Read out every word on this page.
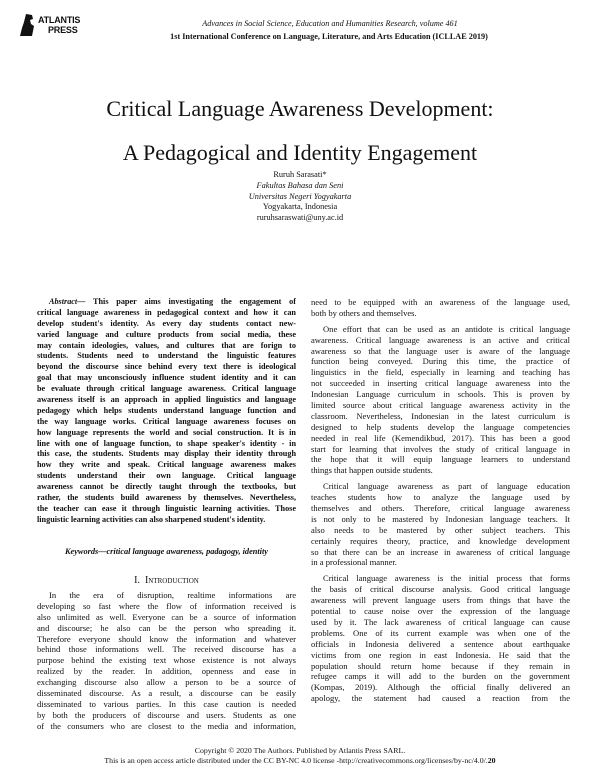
ATLANTIS
PRESS
Advances in Social Science, Education and Humanities Research, volume 461
1st International Conference on Language, Literature, and Arts Education (ICLLAE 2019)
Critical Language Awareness Development:
A Pedagogical and Identity Engagement
Ruruh Sarasati*
Fakultas Bahasa dan Seni
Universitas Negeri Yogyakarta
Yogyakarta, Indonesia
ruruhsaraswati@uny.ac.id
Abstract— This paper aims investigating the engagement of
critical language awareness in pedagogical context and how it can
develop student's identity. As every day students contact new-
varied language and culture products from social media, these
may contain ideologies, values, and cultures that are forign to
students. Students need to understand the linguistic features
beyond the discourse since behind every text there is ideological
goal that may unconsciously influence student identity and it can
be evaluate through critical language awareness. Critical language
awareness itself is an approach in applied linguistics and language
pedagogy which helps students understand language function and
the way language works. Critical language awareness focuses on
how language represents the world and social construction. It is in
line with one of language function, to shape speaker's identity - in
this case, the students. Students may display their identity through
how they write and speak. Critical language awareness makes
students understand their own language. Critical language
awareness cannot be directly taught through the textbooks, but
rather, the students build awareness by themselves. Nevertheless,
the teacher can ease it through linguistic learning activities. Those
linguistic learning activities can also sharpened student's identity.
Keywords—critical language awareness, padagogy, identity
I. Introduction
In the era of disruption, realtime informations are
developing so fast where the flow of information received is
also unlimited as well. Everyone can be a source of information
and discourse; he also can be the person who spreading it.
Therefore everyone should know the information and whatever
behind those informations well. The received discourse has a
purpose behind the existing text whose existence is not always
realized by the reader. In addition, openness and ease in
exchanging discourse also allow a person to be a source of
disseminated discourse. As a result, a discourse can be easily
disseminated to various parties. In this case caution is needed
by both the producers of discourse and users. Students as one
of the consumers who are closest to the media and information,
need to be equipped with an awareness of the language used,
both by others and themselves.
One effort that can be used as an antidote is critical language
awareness. Critical language awareness is an active and critical
awareness so that the language user is aware of the language
function being conveyed. During this time, the practice of
linguistics in the field, especially in learning and teaching has
not succeeded in inserting critical language awareness into the
Indonesian Language curriculum in schools. This is proven by
limited source about critical language awareness activity in the
classroom. Nevertheless, Indonesian in the latest curriculum is
designed to help students develop the language competencies
needed in real life (Kemendikbud, 2017). This has been a good
start for learning that involves the study of critical language in
the hope that it will equip language learners to understand
things that happen outside students.
Critical language awareness as part of language education
teaches students how to analyze the language used by
themselves and others. Therefore, critical language awareness
is not only to be mastered by Indonesian language teachers. It
also needs to be mastered by other subject teachers. This
certainly requires theory, practice, and knowledge development
so that there can be an increase in awareness of critical language
in a professional manner.
Critical language awareness is the initial process that forms
the basis of critical discourse analysis. Good critical language
awareness will prevent language users from things that have the
potential to cause noise over the expression of the language
used by it. The lack awareness of critical language can cause
problems. One of its current example was when one of the
officials in Indonesia delivered a sentence about earthquake
victims from one region in east Indonesia. He said that the
population should return home because if they remain in
refugee camps it will add to the burden on the government
(Kompas, 2019). Although the official finally delivered an
apology, the statement had caused a reaction from the
Copyright © 2020 The Authors. Published by Atlantis Press SARL.
This is an open access article distributed under the CC BY-NC 4.0 license -http://creativecommons.org/licenses/by-nc/4.0/.20
